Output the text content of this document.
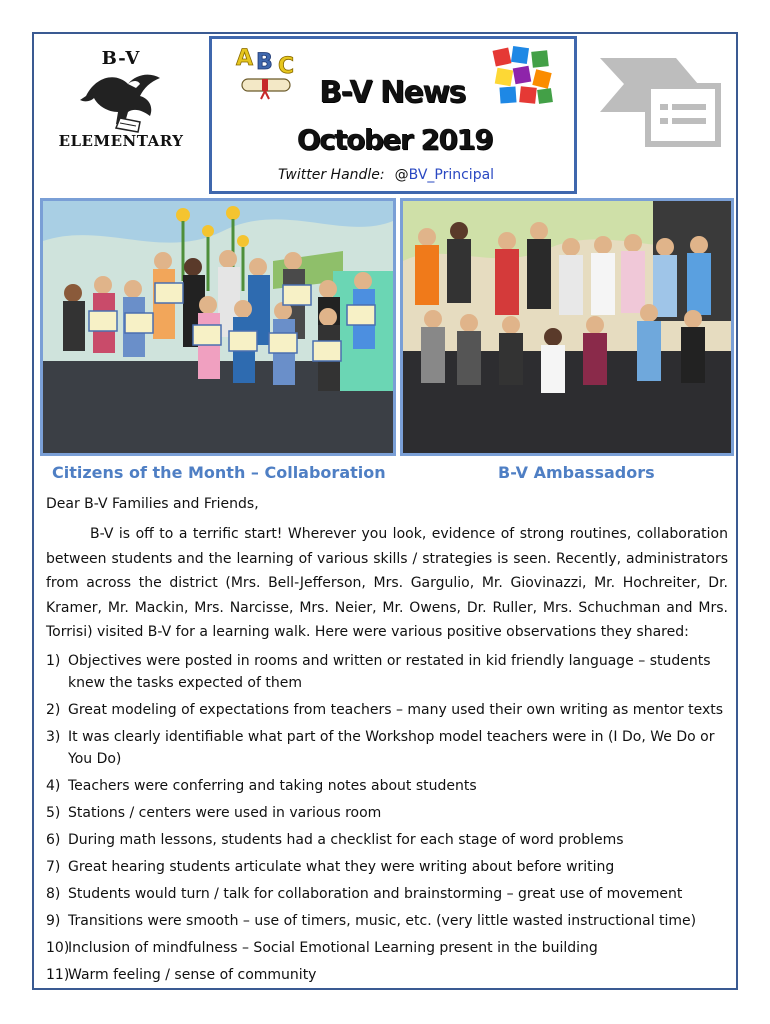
B-V
ELEMENTARY
A B C
B-V News
October 2019
Twitter Handle: @BV_Principal
Citizens of the Month – Collaboration	B-V Ambassadors
Dear B-V Families and Friends,

B-V is off to a terrific start! Wherever you look, evidence of strong routines, collaboration between students and the learning of various skills / strategies is seen. Recently, administrators from across the district (Mrs. Bell-Jefferson, Mrs. Gargulio, Mr. Giovinazzi, Mr. Hochreiter, Dr. Kramer, Mr. Mackin, Mrs. Narcisse, Mrs. Neier, Mr. Owens, Dr. Ruller, Mrs. Schuchman and Mrs. Torrisi) visited B-V for a learning walk. Here were various positive observations they shared:

1) Objectives were posted in rooms and written or restated in kid friendly language – students knew the tasks expected of them
2) Great modeling of expectations from teachers – many used their own writing as mentor texts
3) It was clearly identifiable what part of the Workshop model teachers were in (I Do, We Do or You Do)
4) Teachers were conferring and taking notes about students
5) Stations / centers were used in various room
6) During math lessons, students had a checklist for each stage of word problems
7) Great hearing students articulate what they were writing about before writing
8) Students would turn / talk for collaboration and brainstorming – great use of movement
9) Transitions were smooth – use of timers, music, etc. (very little wasted instructional time)
10)
Inclusion of mindfulness – Social Emotional Learning present in the building
11)
Warm feeling / sense of community
